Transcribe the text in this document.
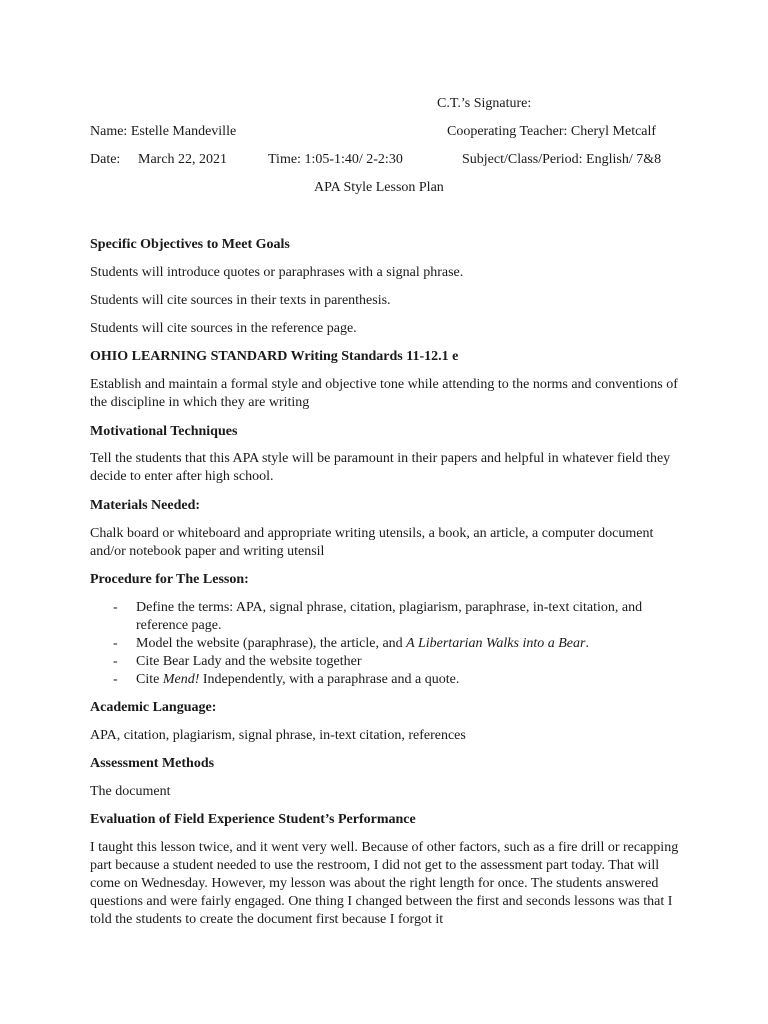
C.T.’s Signature:
Name: Estelle Mandeville	Cooperating Teacher: Cheryl Metcalf
Date: March 22, 2021	Time: 1:05-1:40/ 2-2:30	Subject/Class/Period: English/ 7&8
APA Style Lesson Plan
Specific Objectives to Meet Goals
Students will introduce quotes or paraphrases with a signal phrase.
Students will cite sources in their texts in parenthesis.
Students will cite sources in the reference page.
OHIO LEARNING STANDARD Writing Standards 11-12.1 e
Establish and maintain a formal style and objective tone while attending to the norms and conventions of the discipline in which they are writing
Motivational Techniques
Tell the students that this APA style will be paramount in their papers and helpful in whatever field they decide to enter after high school.
Materials Needed:
Chalk board or whiteboard and appropriate writing utensils, a book, an article, a computer document and/or notebook paper and writing utensil
Procedure for The Lesson:
- Define the terms: APA, signal phrase, citation, plagiarism, paraphrase, in-text citation, and reference page.
- Model the website (paraphrase), the article, and A Libertarian Walks into a Bear.
- Cite Bear Lady and the website together
- Cite Mend! Independently, with a paraphrase and a quote.
Academic Language:
APA, citation, plagiarism, signal phrase, in-text citation, references
Assessment Methods
The document
Evaluation of Field Experience Student’s Performance
I taught this lesson twice, and it went very well. Because of other factors, such as a fire drill or recapping part because a student needed to use the restroom, I did not get to the assessment part today. That will come on Wednesday. However, my lesson was about the right length for once. The students answered questions and were fairly engaged. One thing I changed between the first and seconds lessons was that I told the students to create the document first because I forgot it
